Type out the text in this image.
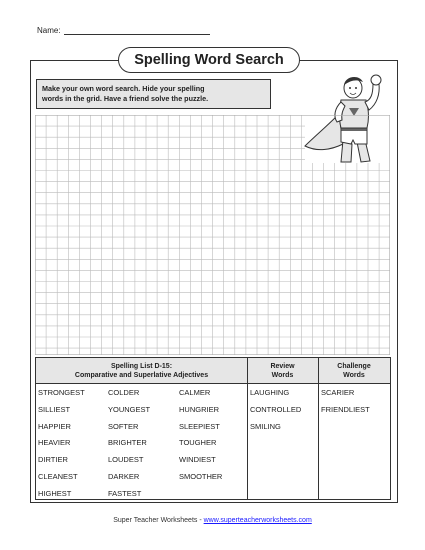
Name:
Spelling Word Search
Make your own word search. Hide your spelling
words in the grid. Have a friend solve the puzzle.
Spelling List D-15:
Comparative and Superlative Adjectives
Review
Words
Challenge
Words
STRONGEST
SILLIEST
HAPPIER
HEAVIER
DIRTIER
CLEANEST
HIGHEST
COLDER
YOUNGEST
SOFTER
BRIGHTER
LOUDEST
DARKER
FASTEST
CALMER
HUNGRIER
SLEEPIEST
TOUGHER
WINDIEST
SMOOTHER
LAUGHING
CONTROLLED
SMILING
SCARIER
FRIENDLIEST
Super Teacher Worksheets - www.superteacherworksheets.com
